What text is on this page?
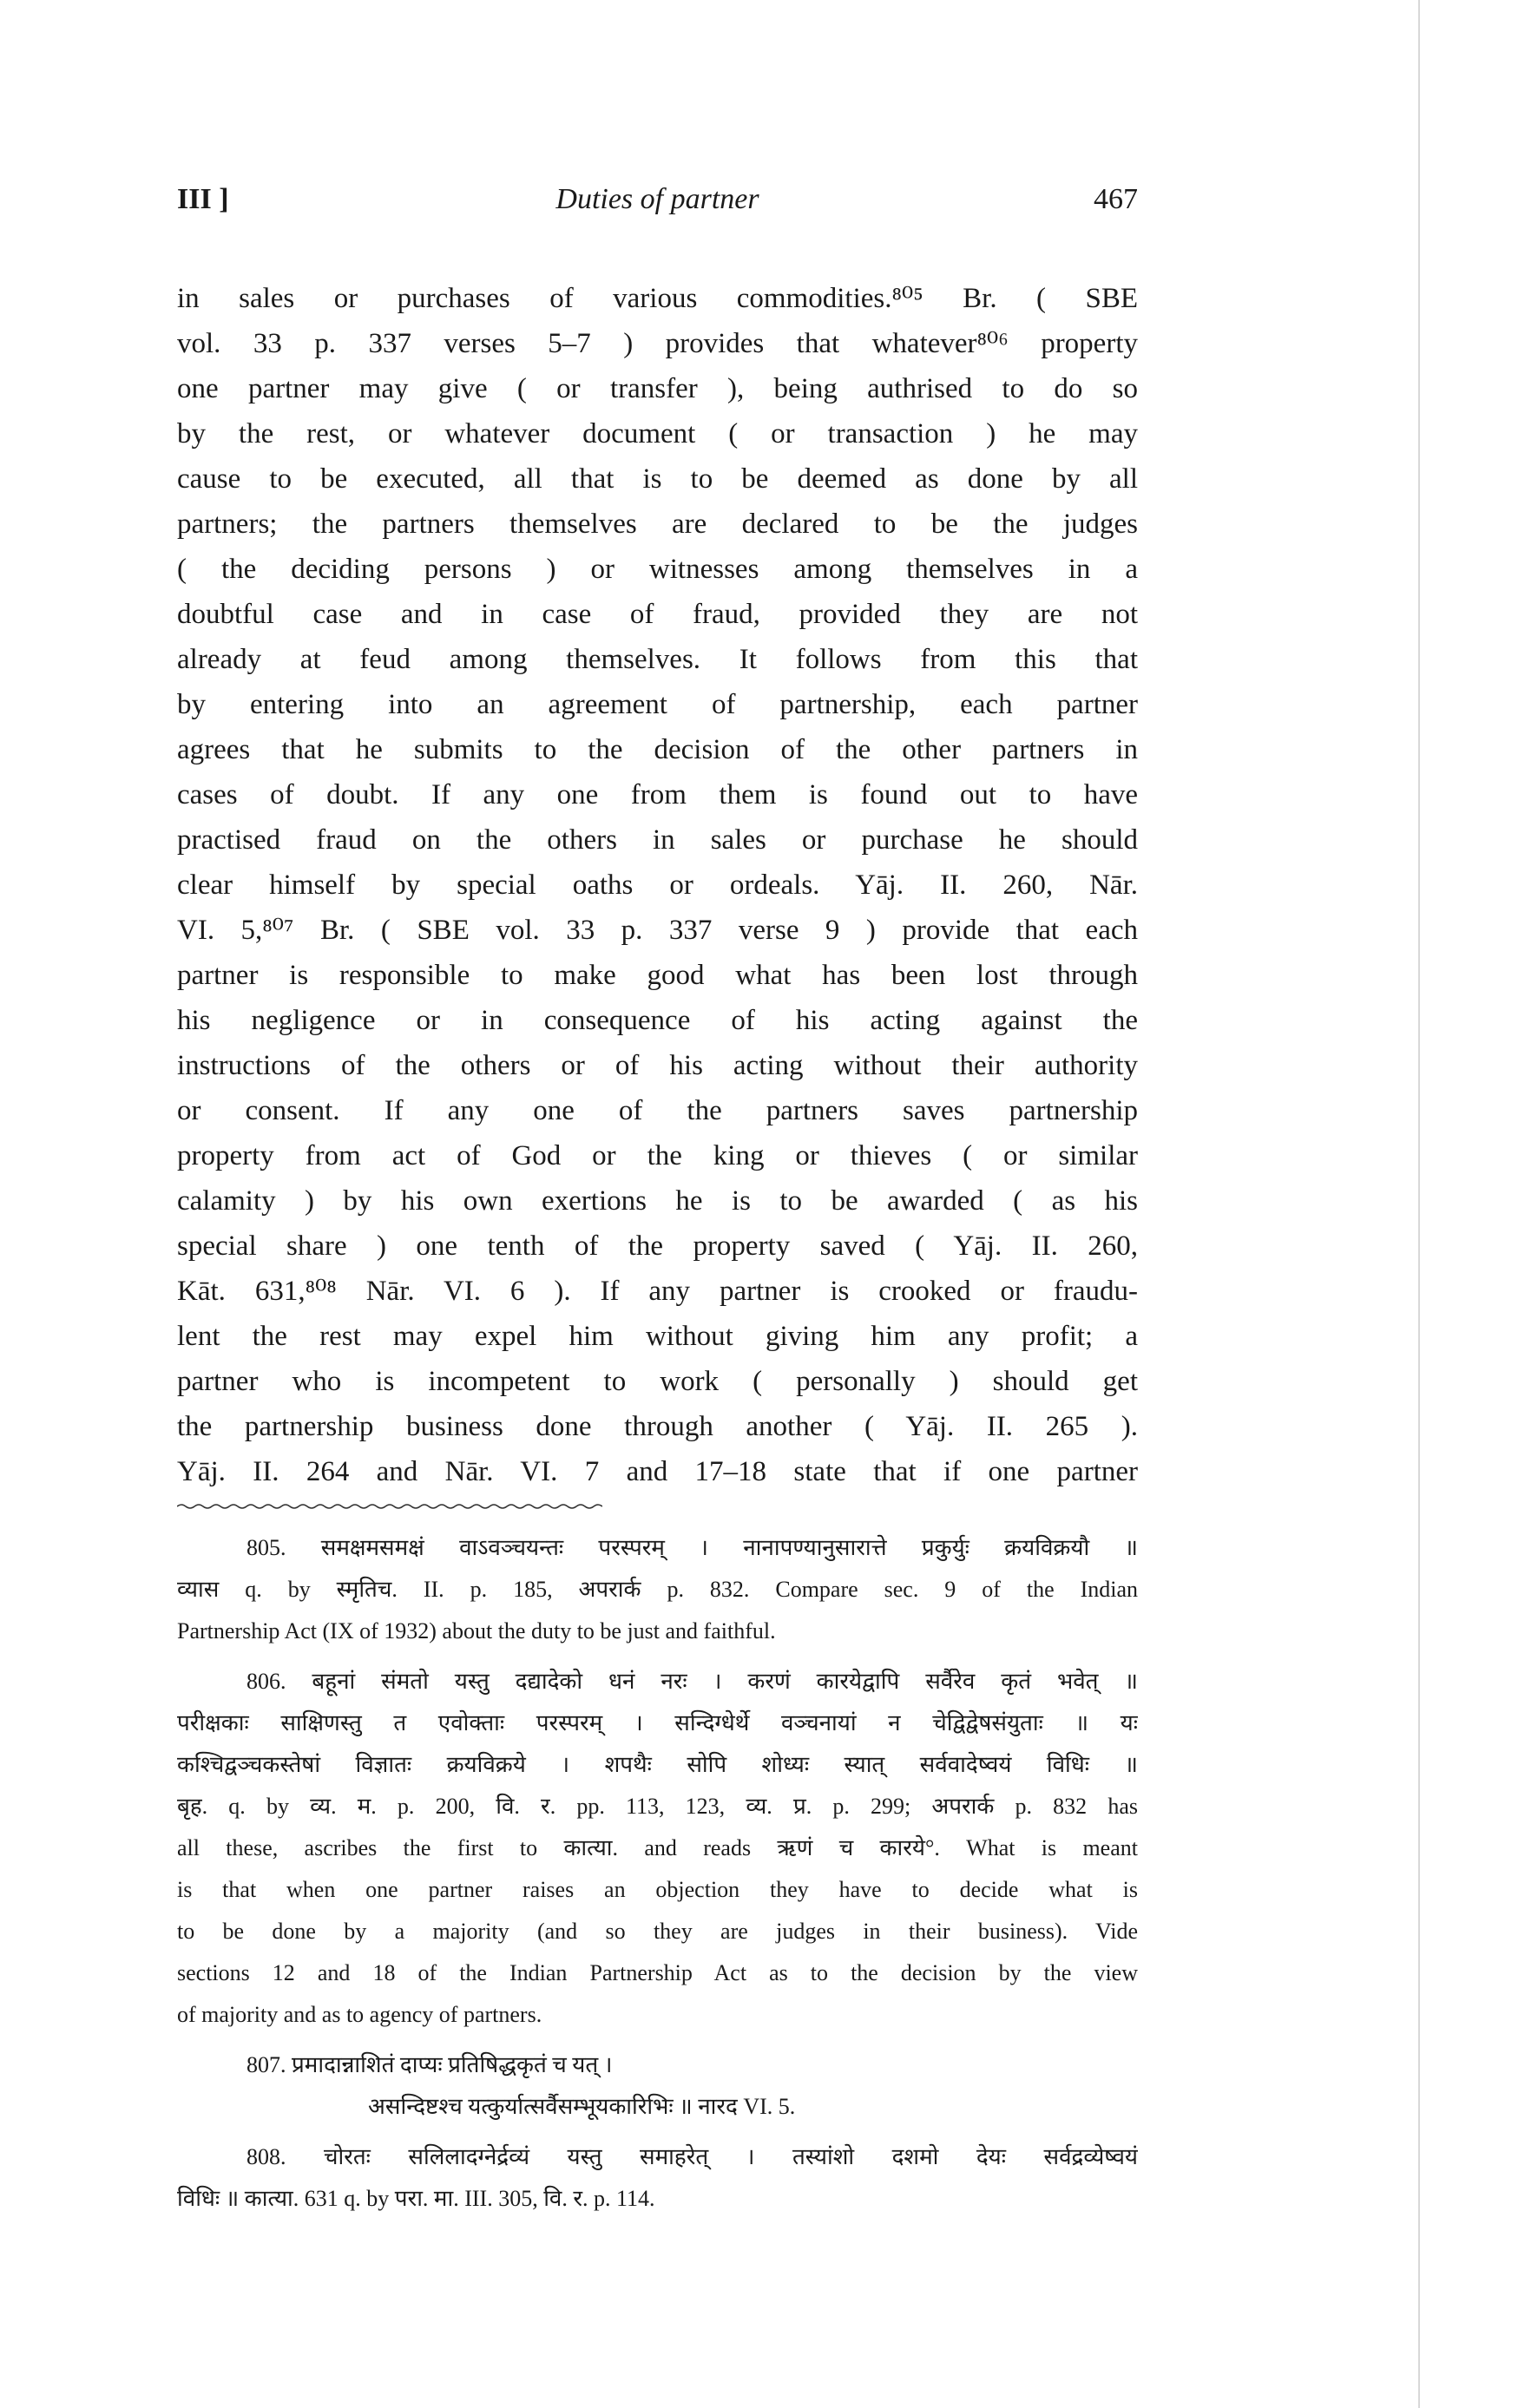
III ]	Duties of partner	467
in sales or purchases of various commodities.⁸⁰⁵ Br. ( SBE
vol. 33 p. 337 verses 5–7 ) provides that whatever⁸⁰⁶ property
one partner may give ( or transfer ), being authrised to do so
by the rest, or whatever document ( or transaction ) he may
cause to be executed, all that is to be deemed as done by all
partners; the partners themselves are declared to be the judges
( the deciding persons ) or witnesses among themselves in a
doubtful case and in case of fraud, provided they are not
already at feud among themselves. It follows from this that
by entering into an agreement of partnership, each partner
agrees that he submits to the decision of the other partners in
cases of doubt. If any one from them is found out to have
practised fraud on the others in sales or purchase he should
clear himself by special oaths or ordeals. Yāj. II. 260, Nār.
VI. 5,⁸⁰⁷ Br. ( SBE vol. 33 p. 337 verse 9 ) provide that each
partner is responsible to make good what has been lost through
his negligence or in consequence of his acting against the
instructions of the others or of his acting without their authority
or consent. If any one of the partners saves partnership
property from act of God or the king or thieves ( or similar
calamity ) by his own exertions he is to be awarded ( as his
special share ) one tenth of the property saved ( Yāj. II. 260,
Kāt. 631,⁸⁰⁸ Nār. VI. 6 ). If any partner is crooked or fraudu-
lent the rest may expel him without giving him any profit; a
partner who is incompetent to work ( personally ) should get
the partnership business done through another ( Yāj. II. 265 ).
Yāj. II. 264 and Nār. VI. 7 and 17–18 state that if one partner
805. समक्षमसमक्षं वाऽवञ्चयन्तः परस्परम् । नानापण्यानुसारात्ते प्रकुर्युः क्रयविक्रयौ ॥
व्यास q. by स्मृतिच. II. p. 185, अपरार्क p. 832. Compare sec. 9 of the Indian
Partnership Act (IX of 1932) about the duty to be just and faithful.
806. बहूनां संमतो यस्तु दद्यादेको धनं नरः । करणं कारयेद्वापि सर्वैरेव कृतं भवेत् ॥
परीक्षकाः साक्षिणस्तु त एवोक्ताः परस्परम् । सन्दिग्धेर्थे वञ्चनायां न चेद्विद्वेषसंयुताः ॥ यः
कश्चिद्वञ्चकस्तेषां विज्ञातः क्रयविक्रये । शपथैः सोपि शोध्यः स्यात् सर्ववादेष्वयं विधिः ॥
बृह. q. by व्य. म. p. 200, वि. र. pp. 113, 123, व्य. प्र. p. 299; अपरार्क p. 832 has
all these, ascribes the first to कात्या. and reads ऋणं च कारये°. What is meant
is that when one partner raises an objection they have to decide what is
to be done by a majority (and so they are judges in their business). Vide
sections 12 and 18 of the Indian Partnership Act as to the decision by the view
of majority and as to agency of partners.
807. प्रमादान्नाशितं दाप्यः प्रतिषिद्धकृतं च यत् ।
असन्दिष्टश्च यत्कुर्यात्सर्वैसम्भूयकारिभिः ॥ नारद VI. 5.
808. चोरतः सलिलादग्नेर्द्रव्यं यस्तु समाहरेत् । तस्यांशो दशमो देयः सर्वद्रव्येष्वयं
विधिः ॥ कात्या. 631 q. by परा. मा. III. 305, वि. र. p. 114.
